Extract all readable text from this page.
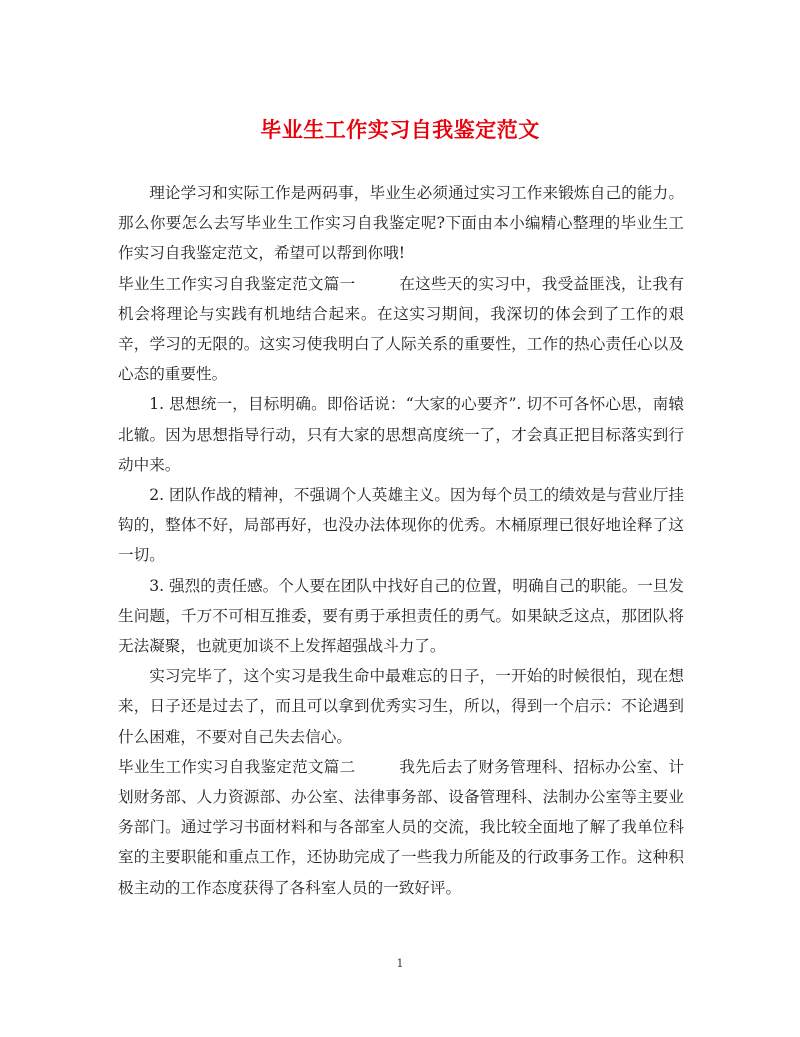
毕业生工作实习自我鉴定范文

理论学习和实际工作是两码事，毕业生必须通过实习工作来锻炼自己的能力。那么你要怎么去写毕业生工作实习自我鉴定呢?下面由本小编精心整理的毕业生工作实习自我鉴定范文，希望可以帮到你哦!

毕业生工作实习自我鉴定范文篇一	在这些天的实习中，我受益匪浅，让我有机会将理论与实践有机地结合起来。在这实习期间，我深切的体会到了工作的艰辛，学习的无限的。这实习使我明白了人际关系的重要性，工作的热心责任心以及心态的重要性。

1. 思想统一，目标明确。即俗话说：“大家的心要齐”. 切不可各怀心思，南辕北辙。因为思想指导行动，只有大家的思想高度统一了，才会真正把目标落实到行动中来。

2. 团队作战的精神，不强调个人英雄主义。因为每个员工的绩效是与营业厅挂钩的，整体不好，局部再好，也没办法体现你的优秀。木桶原理已很好地诠释了这一切。

3. 强烈的责任感。个人要在团队中找好自己的位置，明确自己的职能。一旦发生问题，千万不可相互推委，要有勇于承担责任的勇气。如果缺乏这点，那团队将无法凝聚，也就更加谈不上发挥超强战斗力了。

实习完毕了，这个实习是我生命中最难忘的日子，一开始的时候很怕，现在想来，日子还是过去了，而且可以拿到优秀实习生，所以，得到一个启示：不论遇到什么困难，不要对自己失去信心。

毕业生工作实习自我鉴定范文篇二	我先后去了财务管理科、招标办公室、计划财务部、人力资源部、办公室、法律事务部、设备管理科、法制办公室等主要业务部门。通过学习书面材料和与各部室人员的交流，我比较全面地了解了我单位科室的主要职能和重点工作，还协助完成了一些我力所能及的行政事务工作。这种积极主动的工作态度获得了各科室人员的一致好评。

1
